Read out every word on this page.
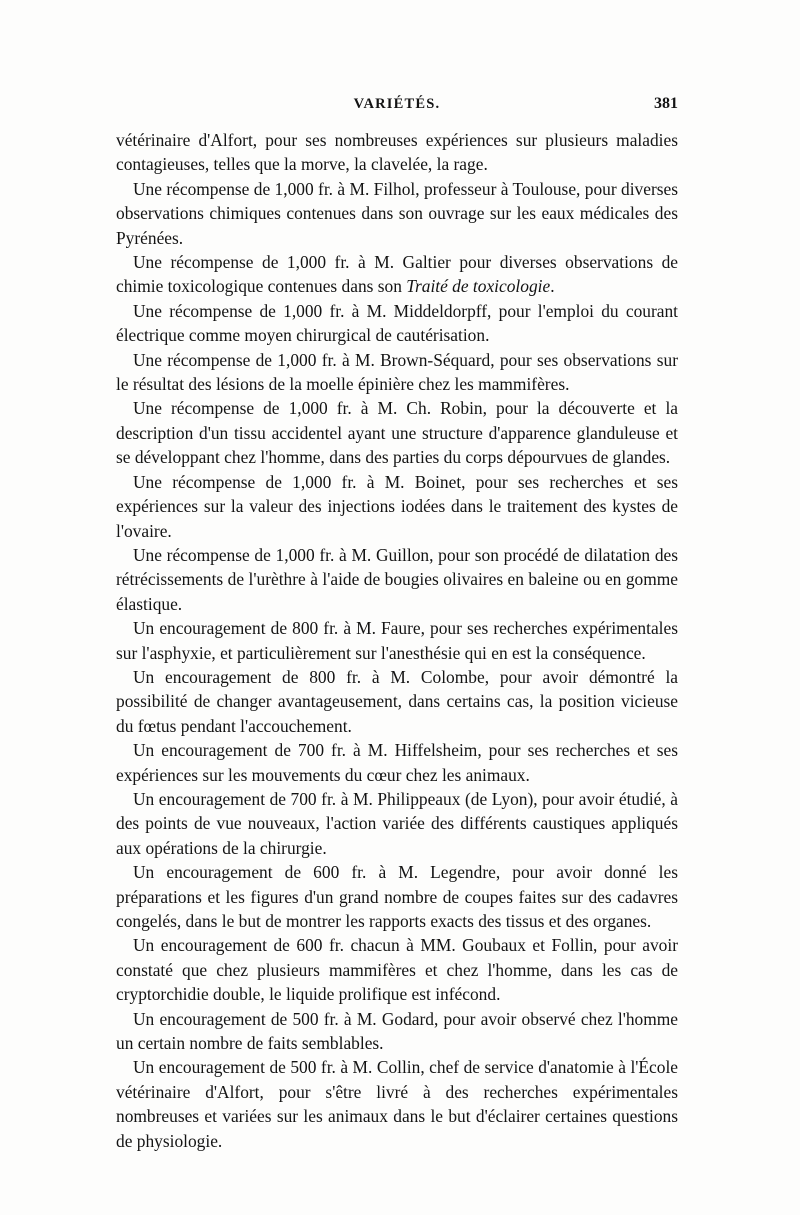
VARIÉTÉS.	381

vétérinaire d'Alfort, pour ses nombreuses expériences sur plusieurs maladies contagieuses, telles que la morve, la clavelée, la rage.

Une récompense de 1,000 fr. à M. Filhol, professeur à Toulouse, pour diverses observations chimiques contenues dans son ouvrage sur les eaux médicales des Pyrénées.

Une récompense de 1,000 fr. à M. Galtier pour diverses observations de chimie toxicologique contenues dans son Traité de toxicologie.

Une récompense de 1,000 fr. à M. Middeldorpff, pour l'emploi du courant électrique comme moyen chirurgical de cautérisation.

Une récompense de 1,000 fr. à M. Brown-Séquard, pour ses observations sur le résultat des lésions de la moelle épinière chez les mammifères.

Une récompense de 1,000 fr. à M. Ch. Robin, pour la découverte et la description d'un tissu accidentel ayant une structure d'apparence glanduleuse et se développant chez l'homme, dans des parties du corps dépourvues de glandes.

Une récompense de 1,000 fr. à M. Boinet, pour ses recherches et ses expériences sur la valeur des injections iodées dans le traitement des kystes de l'ovaire.

Une récompense de 1,000 fr. à M. Guillon, pour son procédé de dilatation des rétrécissements de l'urèthre à l'aide de bougies olivaires en baleine ou en gomme élastique.

Un encouragement de 800 fr. à M. Faure, pour ses recherches expérimentales sur l'asphyxie, et particulièrement sur l'anesthésie qui en est la conséquence.

Un encouragement de 800 fr. à M. Colombe, pour avoir démontré la possibilité de changer avantageusement, dans certains cas, la position vicieuse du fœtus pendant l'accouchement.

Un encouragement de 700 fr. à M. Hiffelsheim, pour ses recherches et ses expériences sur les mouvements du cœur chez les animaux.

Un encouragement de 700 fr. à M. Philippeaux (de Lyon), pour avoir étudié, à des points de vue nouveaux, l'action variée des différents caustiques appliqués aux opérations de la chirurgie.

Un encouragement de 600 fr. à M. Legendre, pour avoir donné les préparations et les figures d'un grand nombre de coupes faites sur des cadavres congelés, dans le but de montrer les rapports exacts des tissus et des organes.

Un encouragement de 600 fr. chacun à MM. Goubaux et Follin, pour avoir constaté que chez plusieurs mammifères et chez l'homme, dans les cas de cryptorchidie double, le liquide prolifique est infécond.

Un encouragement de 500 fr. à M. Godard, pour avoir observé chez l'homme un certain nombre de faits semblables.

Un encouragement de 500 fr. à M. Collin, chef de service d'anatomie à l'École vétérinaire d'Alfort, pour s'être livré à des recherches expérimentales nombreuses et variées sur les animaux dans le but d'éclairer certaines questions de physiologie.
